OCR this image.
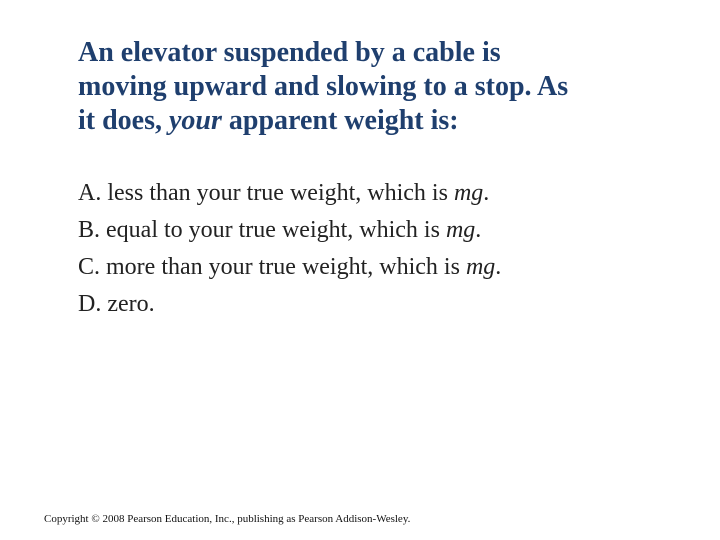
An elevator suspended by a cable is
moving upward and slowing to a stop. As
it does, your apparent weight is:

A. less than your true weight, which is mg.
B. equal to your true weight, which is mg.
C. more than your true weight, which is mg.
D. zero.

Copyright © 2008 Pearson Education, Inc., publishing as Pearson Addison-Wesley.
